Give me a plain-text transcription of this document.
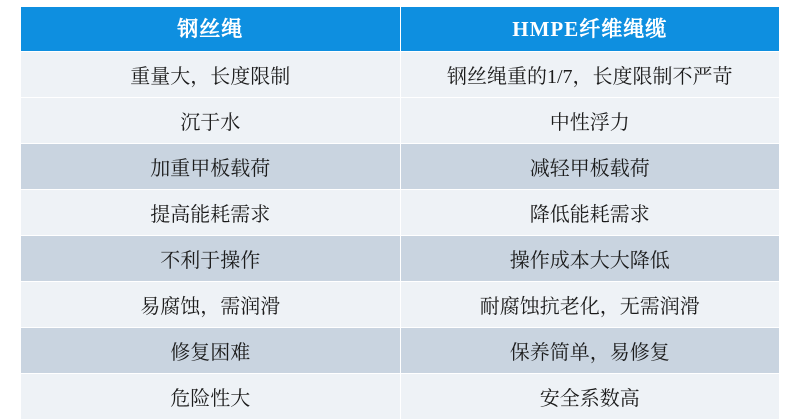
钢丝绳	HMPE纤维绳缆
重量大，长度限制	钢丝绳重的1/7，长度限制不严苛
沉于水	中性浮力
加重甲板载荷	减轻甲板载荷
提高能耗需求	降低能耗需求
不利于操作	操作成本大大降低
易腐蚀，需润滑	耐腐蚀抗老化，无需润滑
修复困难	保养简单，易修复
危险性大	安全系数高
